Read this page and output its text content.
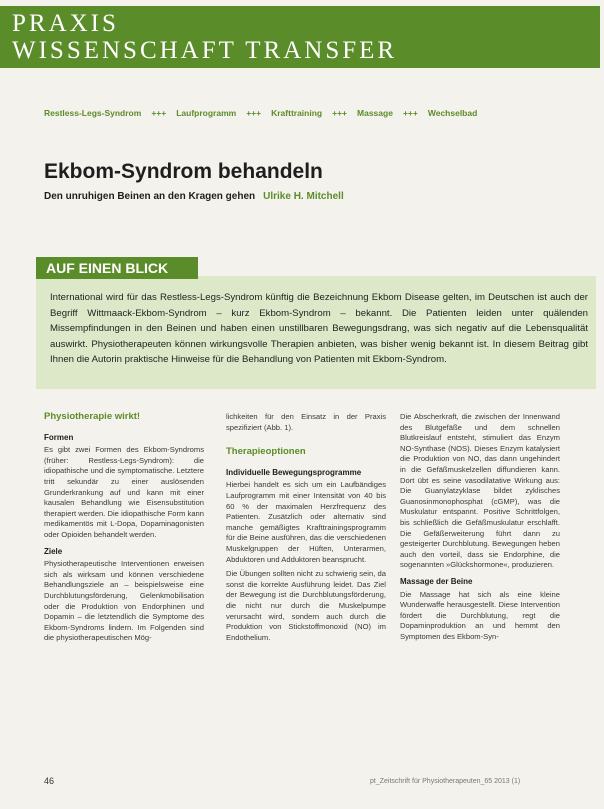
PRAXIS
WISSENSCHAFT TRANSFER
Restless-Legs-Syndrom +++ Laufprogramm +++ Krafttraining +++ Massage +++ Wechselbad
Ekbom-Syndrom behandeln
Den unruhigen Beinen an den Kragen gehen Ulrike H. Mitchell
AUF EINEN BLICK
International wird für das Restless-Legs-Syndrom künftig die Bezeichnung Ekbom Disease gelten, im Deutschen ist auch der Begriff Wittmaack-Ekbom-Syndrom – kurz Ekbom-Syndrom – bekannt. Die Patienten leiden unter quälenden Missempfindungen in den Beinen und haben einen unstillbaren Bewegungsdrang, was sich negativ auf die Lebensqualität auswirkt. Physiotherapeuten können wirkungsvolle Therapien anbieten, was bisher wenig bekannt ist. In diesem Beitrag gibt Ihnen die Autorin praktische Hinweise für die Behandlung von Patienten mit Ekbom-Syndrom.
Physiotherapie wirkt!
Formen

Es gibt zwei Formen des Ekbom-Syndroms (früher: Restless-Legs-Syndrom): die idiopathische und die symptomatische. Letztere tritt sekundär zu einer auslösenden Grunderkrankung auf und kann mit einer kausalen Behandlung wie Eisensubstitution therapiert werden. Die idiopathische Form kann medikamentös mit L-Dopa, Dopaminagonisten oder Opioiden behandelt werden.

Ziele

Physiotherapeutische Interventionen erweisen sich als wirksam und können verschiedene Behandlungsziele an – beispielsweise eine Durchblutungsförderung, Gelenkmobilisation oder die Produktion von Endorphinen und Dopamin – die letztendlich die Symptome des Ekbom-Syndroms lindern. Im Folgenden sind die physiotherapeutischen Mög-

lichkeiten für den Einsatz in der Praxis spezifiziert (Abb. 1).

Therapieoptionen
Individuelle Bewegungsprogramme

Hierbei handelt es sich um ein Laufbändiges Laufprogramm mit einer Intensität von 40 bis 60 % der maximalen Herzfrequenz des Patienten. Zusätzlich oder alternativ sind manche gemäßigtes Krafttrainingsprogramm für die Beine ausführen, das die verschiedenen Muskelgruppen der Hüften, Unterarmen, Abduktoren und Adduktoren beansprucht.

Die Übungen sollten nicht zu schwierig sein, da sonst die korrekte Ausführung leidet. Das Ziel der Bewegung ist die Durchblutungsförderung, die nicht nur durch die Muskelpumpe verursacht wird, sondern auch durch die Produktion von Stickstoffmonoxid (NO) im Endothelium.

Die Abscherkraft, die zwischen der Innenwand des Blutgefäße und dem schnellen Blutkreislauf entsteht, stimuliert das Enzym NO-Synthase (NOS). Dieses Enzym katalysiert die Produktion von NO, das dann ungehindert in die Gefäßmuskelzellen diffundieren kann. Dort übt es seine vasodilatative Wirkung aus: Die Guanylatzyklase bildet zyklisches Guanosinmonophosphat (cGMP), was die Muskulatur entspannt. Positive Schrittfolgen, bis schließlich die Gefäßmuskulatur erschlafft. Die Gefäßerweiterung führt dann zu gesteigerter Durchblutung. Bewegungen heben auch den vorteil, dass sie Endorphine, die sogenannten »Glückshormone«, produzieren.

Massage der Beine

Die Massage hat sich als eine kleine Wunderwaffe herausgestellt. Diese Intervention fördert die Durchblutung, regt die Dopaminproduktion an und hemmt den Symptomen des Ekbom-Syn-

46	pt_Zeitschrift für Physiotherapeuten_65 2013 (1)
